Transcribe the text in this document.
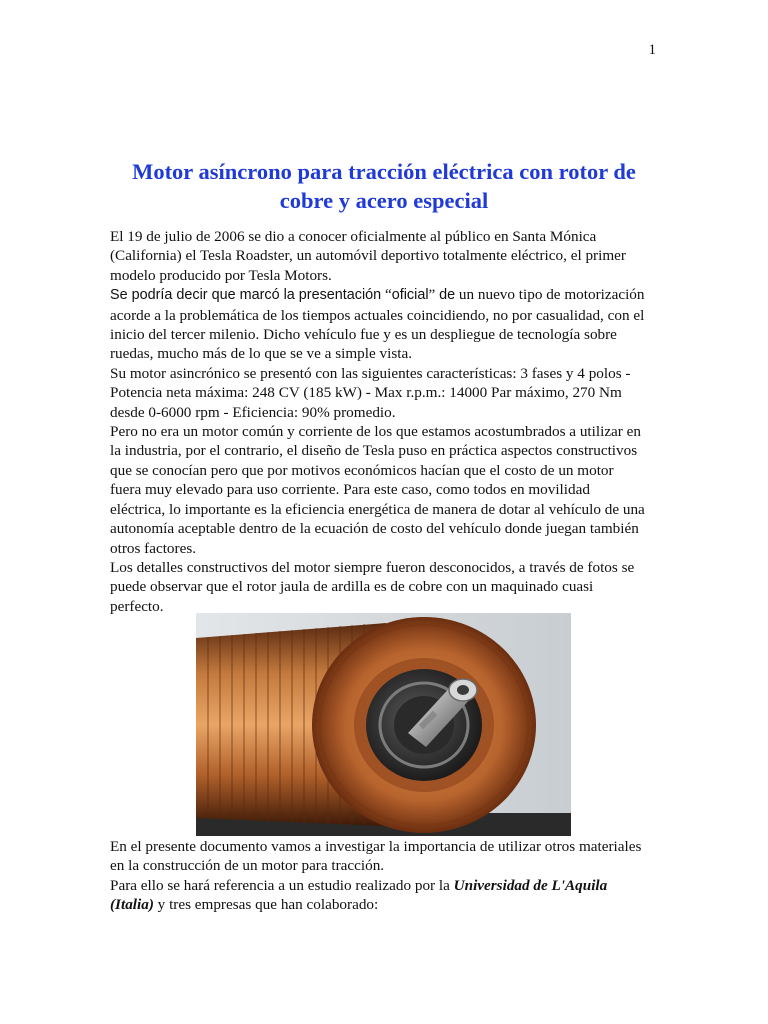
1
Motor asíncrono para tracción eléctrica con rotor de
cobre y acero especial

El 19 de julio de 2006 se dio a conocer oficialmente al público en Santa Mónica

(California) el Tesla Roadster, un automóvil deportivo totalmente eléctrico, el primer

modelo producido por Tesla Motors.

Se podría decir que marcó la presentación “oficial” de un nuevo tipo de motorización

acorde a la problemática de los tiempos actuales coincidiendo, no por casualidad, con el

inicio del tercer milenio. Dicho vehículo fue y es un despliegue de tecnología sobre

ruedas, mucho más de lo que se ve a simple vista.

Su motor asincrónico se presentó con las siguientes características: 3 fases y 4 polos -

Potencia neta máxima: 248 CV (185 kW) - Max r.p.m.: 14000 Par máximo, 270 Nm

desde 0-6000 rpm - Eficiencia: 90% promedio.

Pero no era un motor común y corriente de los que estamos acostumbrados a utilizar en

la industria, por el contrario, el diseño de Tesla puso en práctica aspectos constructivos

que se conocían pero que por motivos económicos hacían que el costo de un motor

fuera muy elevado para uso corriente. Para este caso, como todos en movilidad

eléctrica, lo importante es la eficiencia energética de manera de dotar al vehículo de una

autonomía aceptable dentro de la ecuación de costo del vehículo donde juegan también

otros factores.

Los detalles constructivos del motor siempre fueron desconocidos, a través de fotos se

puede observar que el rotor jaula de ardilla es de cobre con un maquinado cuasi

perfecto.

En el presente documento vamos a investigar la importancia de utilizar otros materiales

en la construcción de un motor para tracción.

Para ello se hará referencia a un estudio realizado por la Universidad de L'Aquila

(Italia) y tres empresas que han colaborado:
